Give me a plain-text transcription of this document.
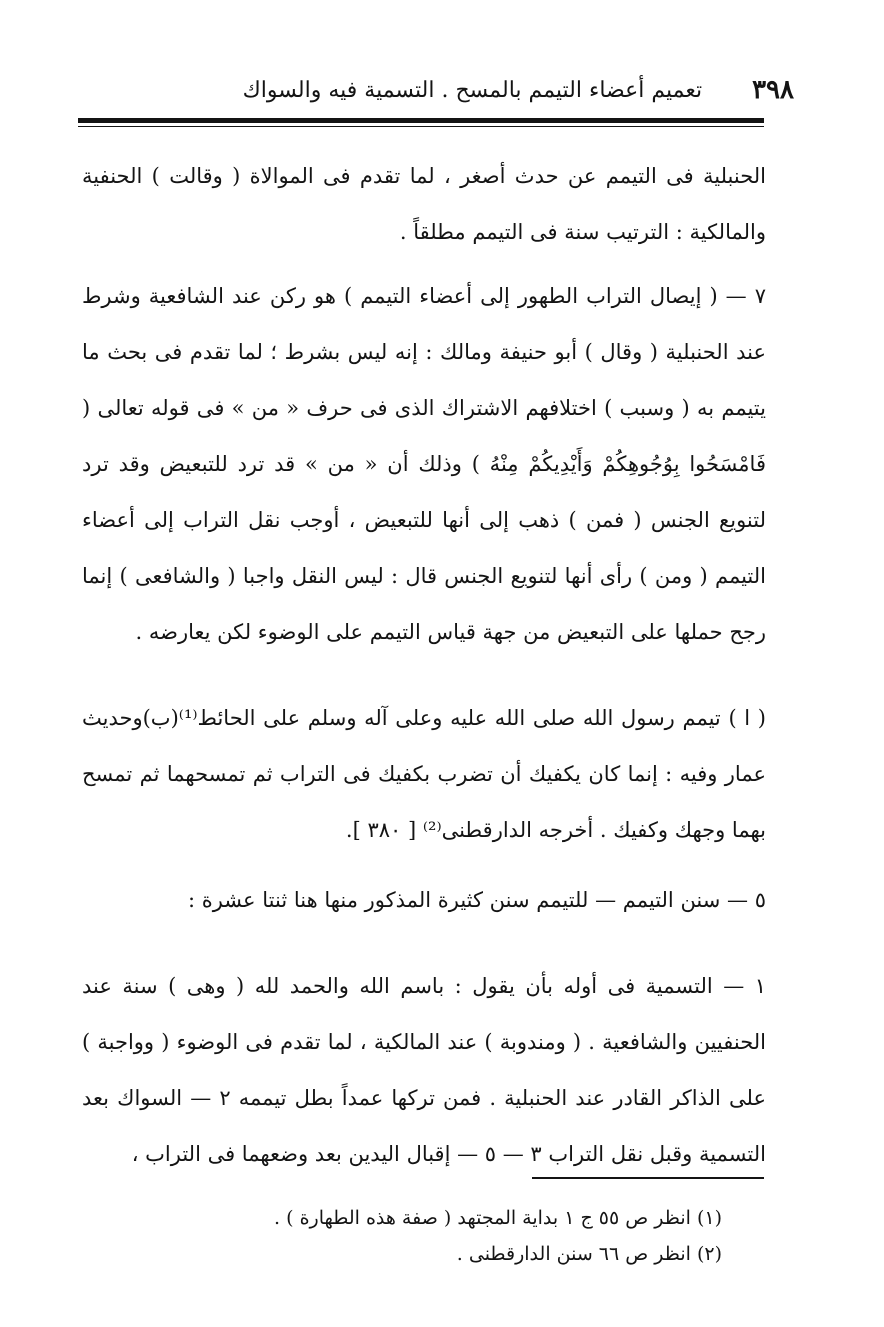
٣٩٨
تعميم أعضاء التيمم بالمسح . التسمية فيه والسواك

الحنبلية فى التيمم عن حدث أصغر ، لما تقدم فى الموالاة ( وقالت ) الحنفية والمالكية : الترتيب سنة فى التيمم مطلقاً .

٧ — ( إيصال التراب الطهور إلى أعضاء التيمم ) هو ركن عند الشافعية وشرط عند الحنبلية ( وقال ) أبو حنيفة ومالك : إنه ليس بشرط ؛ لما تقدم فى بحث ما يتيمم به ( وسبب ) اختلافهم الاشتراك الذى فى حرف « من » فى قوله تعالى ( فَامْسَحُوا بِوُجُوهِكُمْ وَأَيْدِيكُمْ مِنْهُ ) وذلك أن « من » قد ترد للتبعيض وقد ترد لتنويع الجنس ( فمن ) ذهب إلى أنها للتبعيض ، أوجب نقل التراب إلى أعضاء التيمم ( ومن ) رأى أنها لتنويع الجنس قال : ليس النقل واجبا ( والشافعى ) إنما رجح حملها على التبعيض من جهة قياس التيمم على الوضوء لكن يعارضه .

( ا ) تيمم رسول الله صلى الله عليه وعلى آله وسلم على الحائط⁽¹⁾(ب)وحديث عمار وفيه : إنما كان يكفيك أن تضرب بكفيك فى التراب ثم تمسحهما ثم تمسح بهما وجهك وكفيك . أخرجه الدارقطنى⁽²⁾ [ ٣٨٠ ].

٥ — سنن التيمم — للتيمم سنن كثيرة المذكور منها هنا ثنتا عشرة :

١ — التسمية فى أوله بأن يقول : باسم الله والحمد لله ( وهى ) سنة عند الحنفيين والشافعية . ( ومندوبة ) عند المالكية ، لما تقدم فى الوضوء ( وواجبة ) على الذاكر القادر عند الحنبلية . فمن تركها عمداً بطل تيممه ٢ — السواك بعد التسمية وقبل نقل التراب ٣ — ٥ — إقبال اليدين بعد وضعهما فى التراب ،

(١) انظر ص ٥٥ ج ١ بداية المجتهد ( صفة هذه الطهارة ) .
(٢) انظر ص ٦٦ سنن الدارقطنى .
